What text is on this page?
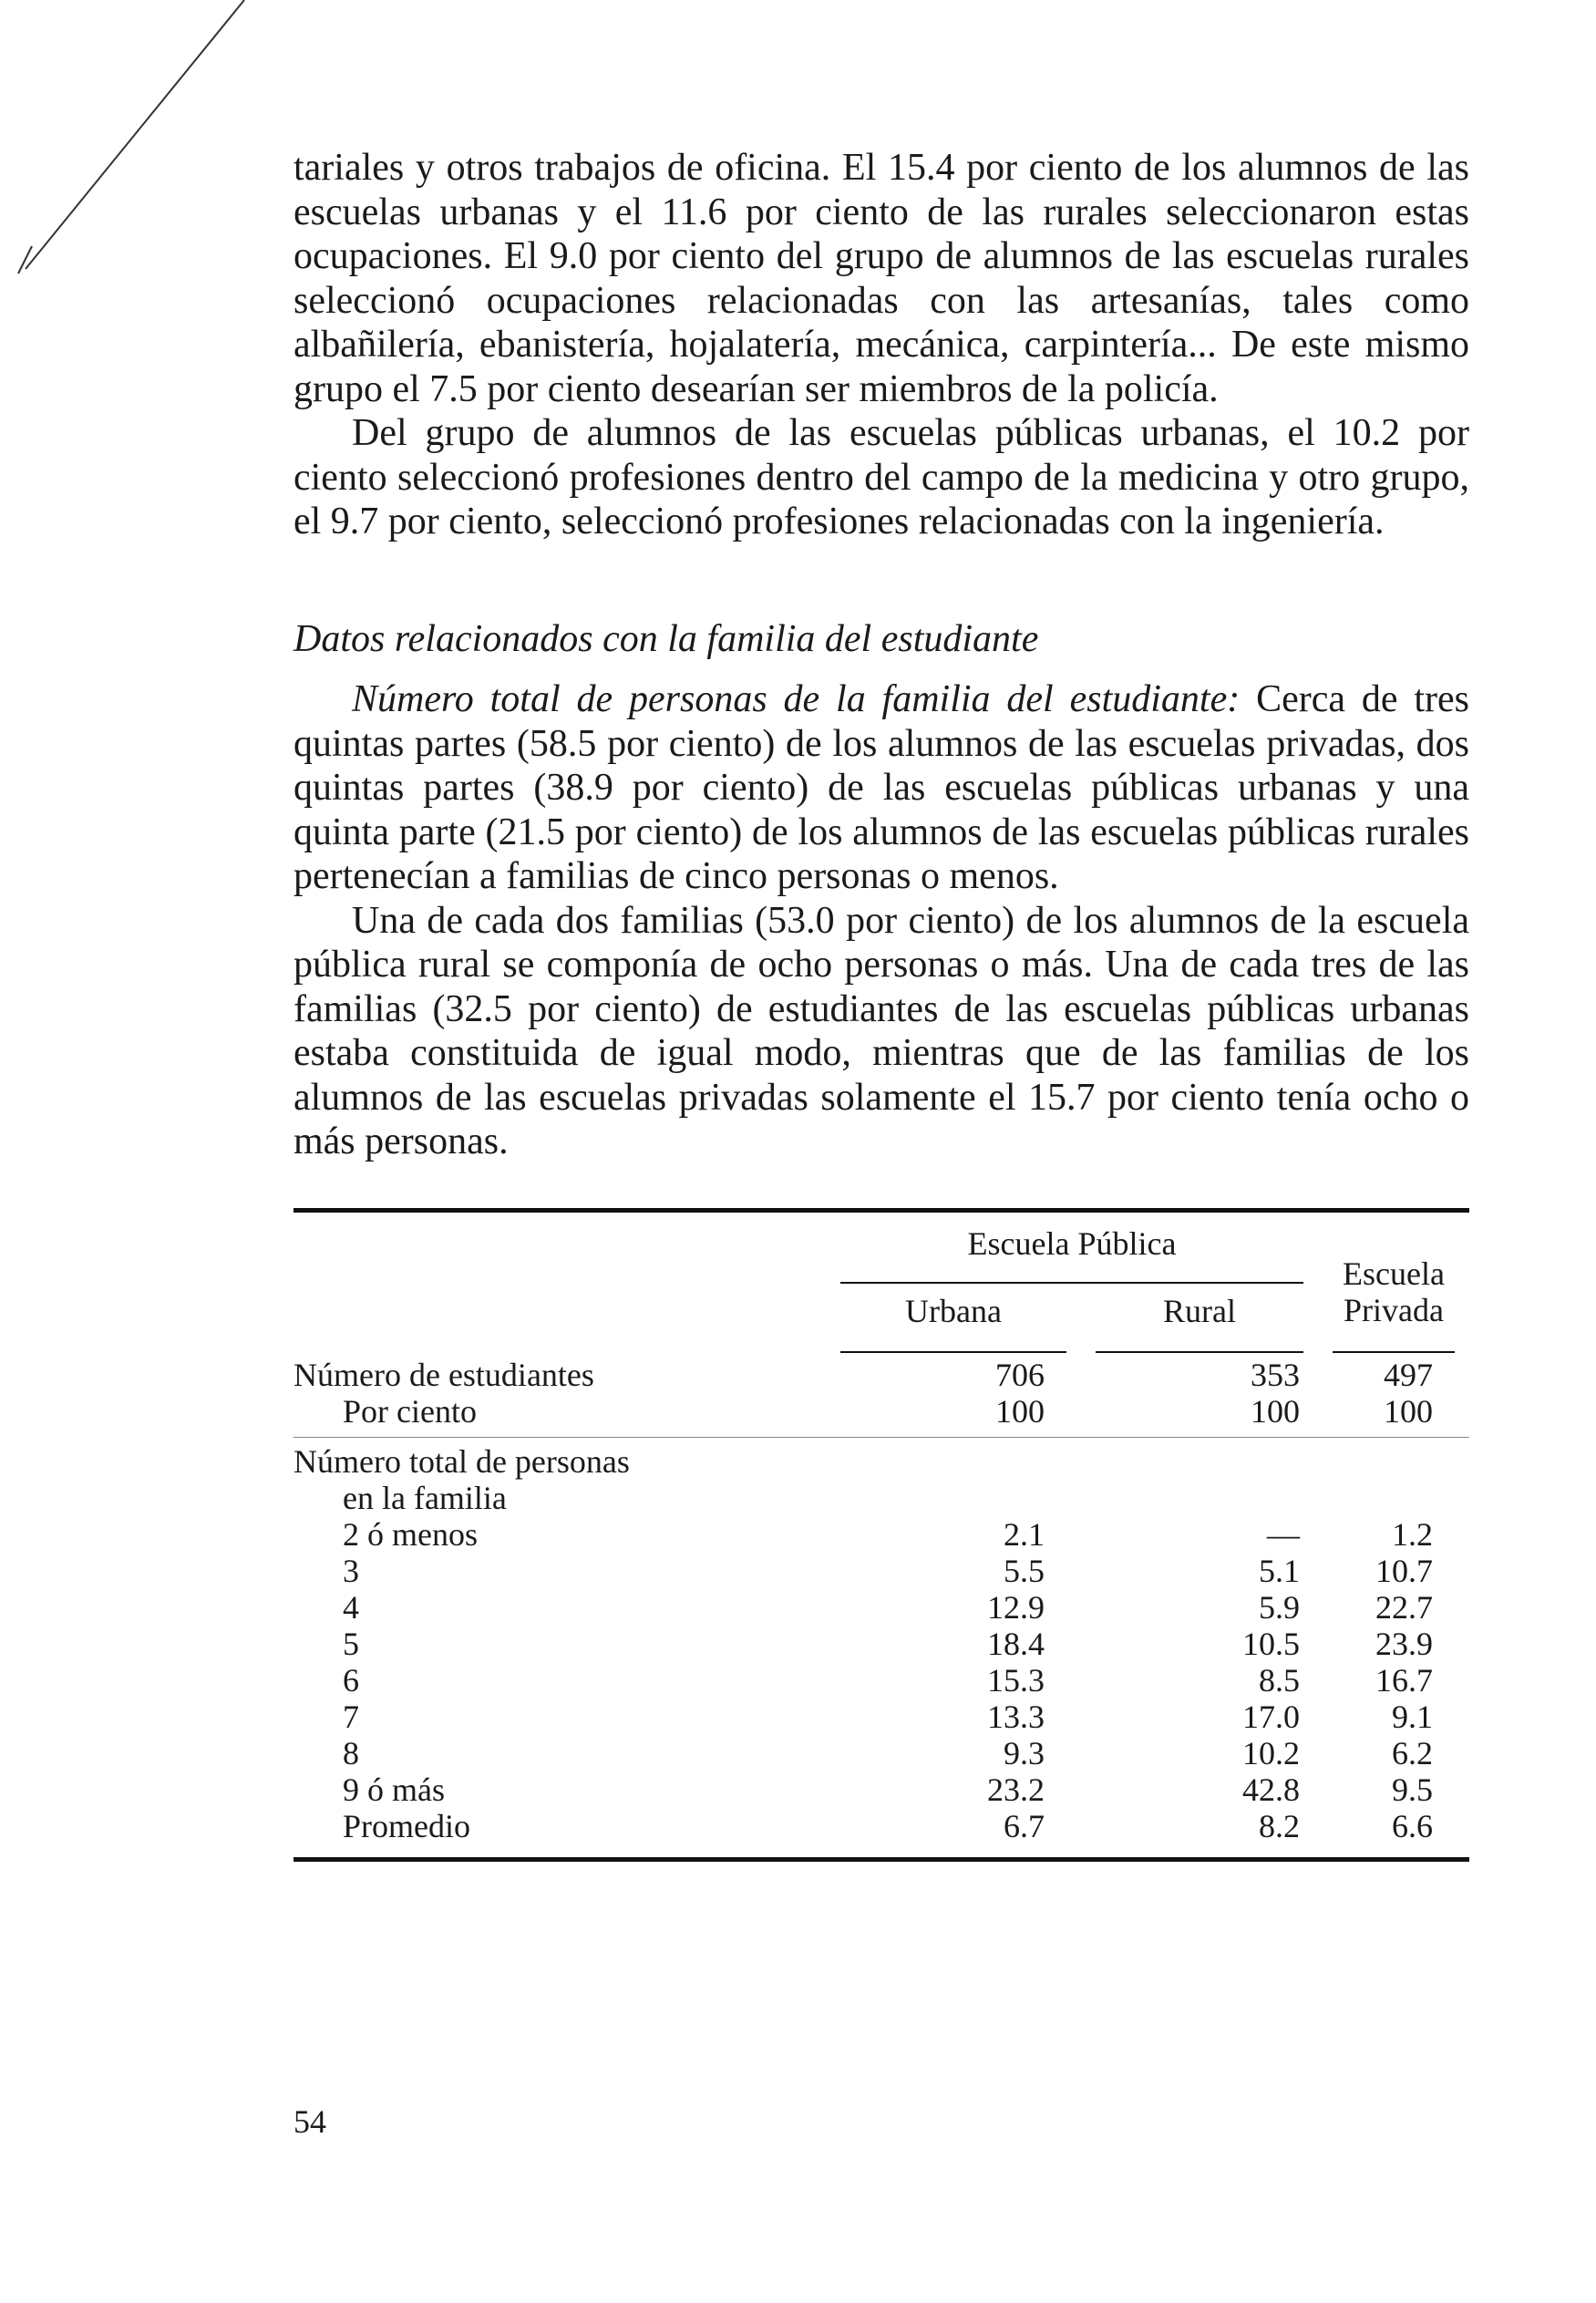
tariales y otros trabajos de oficina. El 15.4 por ciento de los alumnos de las escuelas urbanas y el 11.6 por ciento de las rurales seleccionaron estas ocupaciones. El 9.0 por ciento del grupo de alumnos de las escuelas rurales seleccionó ocupaciones relacionadas con las artesanías, tales como albañilería, ebanistería, hojalatería, mecánica, carpintería... De este mismo grupo el 7.5 por ciento desearían ser miembros de la policía.

Del grupo de alumnos de las escuelas públicas urbanas, el 10.2 por ciento seleccionó profesiones dentro del campo de la medicina y otro grupo, el 9.7 por ciento, seleccionó profesiones relacionadas con la ingeniería.

Datos relacionados con la familia del estudiante

Número total de personas de la familia del estudiante: Cerca de tres quintas partes (58.5 por ciento) de los alumnos de las escuelas privadas, dos quintas partes (38.9 por ciento) de las escuelas públicas urbanas y una quinta parte (21.5 por ciento) de los alumnos de las escuelas públicas rurales pertenecían a familias de cinco personas o menos.

Una de cada dos familias (53.0 por ciento) de los alumnos de la escuela pública rural se componía de ocho personas o más. Una de cada tres de las familias (32.5 por ciento) de estudiantes de las escuelas públicas urbanas estaba constituida de igual modo, mientras que de las familias de los alumnos de las escuelas privadas solamente el 15.7 por ciento tenía ocho o más personas.

	Escuela Pública		Escuela
Privada

	Urbana	Rural	

Número de estudiantes	706	353	497
Por ciento	100	100	100

Número total de personas			
en la familia			
2 ó menos	2.1	—	1.2
3	5.5	5.1	10.7
4	12.9	5.9	22.7
5	18.4	10.5	23.9
6	15.3	8.5	16.7
7	13.3	17.0	9.1
8	9.3	10.2	6.2
9 ó más	23.2	42.8	9.5
Promedio	6.7	8.2	6.6
54
